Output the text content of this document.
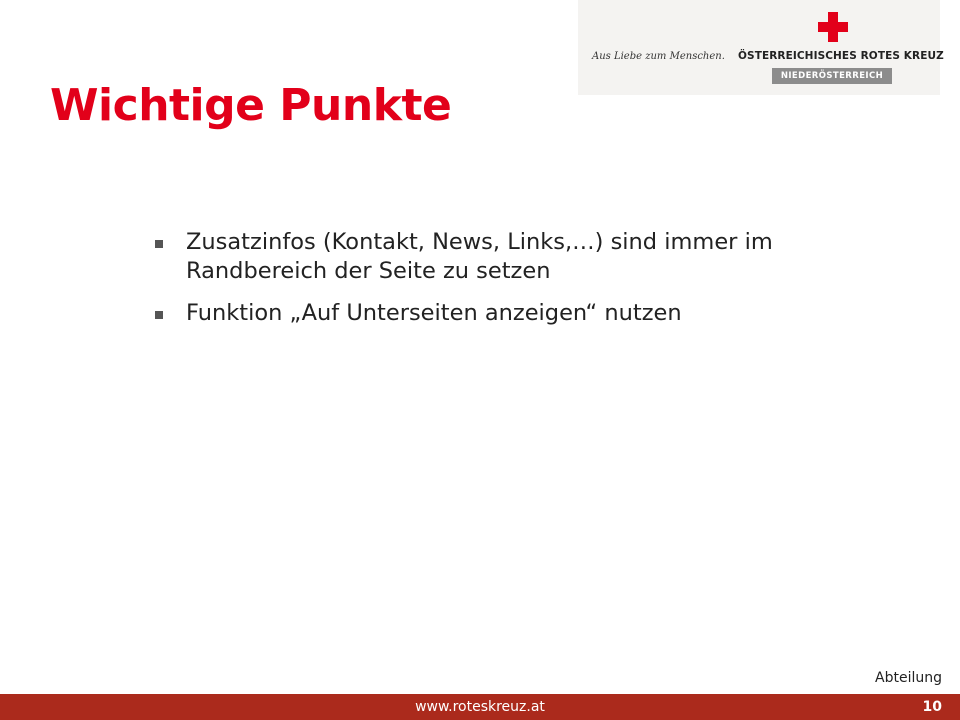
Aus Liebe zum Menschen. ÖSTERREICHISCHES ROTES KREUZ
NIEDERÖSTERREICH
Wichtige Punkte
Zusatzinfos (Kontakt, News, Links,…) sind immer im Randbereich der Seite zu setzen
Funktion „Auf Unterseiten anzeigen“ nutzen
Abteilung
www.roteskreuz.at	10
